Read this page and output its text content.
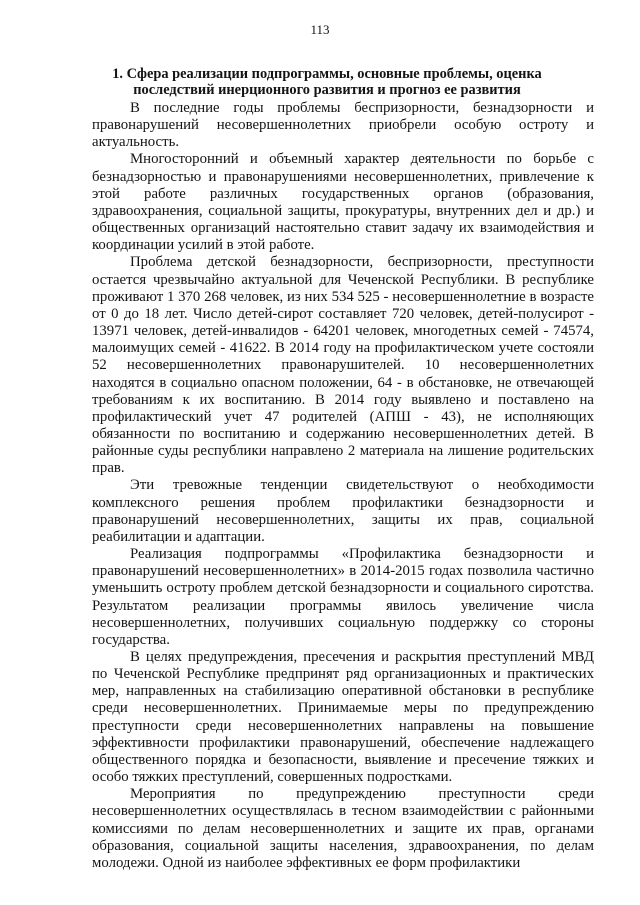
113
1. Сфера реализации подпрограммы, основные проблемы, оценка
последствий инерционного развития и прогноз ее развития

В последние годы проблемы беспризорности, безнадзорности и правонарушений несовершеннолетних приобрели особую остроту и актуальность.

Многосторонний и объемный характер деятельности по борьбе с безнадзорностью и правонарушениями несовершеннолетних, привлечение к этой работе различных государственных органов (образования, здравоохранения, социальной защиты, прокуратуры, внутренних дел и др.) и общественных организаций настоятельно ставит задачу их взаимодействия и координации усилий в этой работе.

Проблема детской безнадзорности, беспризорности, преступности остается чрезвычайно актуальной для Чеченской Республики. В республике проживают 1 370 268 человек, из них 534 525 - несовершеннолетние в возрасте от 0 до 18 лет. Число детей-сирот составляет 720 человек, детей-полусирот - 13971 человек, детей-инвалидов - 64201 человек, многодетных семей - 74574, малоимущих семей - 41622. В 2014 году на профилактическом учете состояли 52 несовершеннолетних правонарушителей. 10 несовершеннолетних находятся в социально опасном положении, 64 - в обстановке, не отвечающей требованиям к их воспитанию. В 2014 году выявлено и поставлено на профилактический учет 47 родителей (АПШ - 43), не исполняющих обязанности по воспитанию и содержанию несовершеннолетних детей. В районные суды республики направлено 2 материала на лишение родительских прав.

Эти тревожные тенденции свидетельствуют о необходимости комплексного решения проблем профилактики безнадзорности и правонарушений несовершеннолетних, защиты их прав, социальной реабилитации и адаптации.

Реализация подпрограммы «Профилактика безнадзорности и правонарушений несовершеннолетних» в 2014-2015 годах позволила частично уменьшить остроту проблем детской безнадзорности и социального сиротства. Результатом реализации программы явилось увеличение числа несовершеннолетних, получивших социальную поддержку со стороны государства.

В целях предупреждения, пресечения и раскрытия преступлений МВД по Чеченской Республике предпринят ряд организационных и практических мер, направленных на стабилизацию оперативной обстановки в республике среди несовершеннолетних. Принимаемые меры по предупреждению преступности среди несовершеннолетних направлены на повышение эффективности профилактики правонарушений, обеспечение надлежащего общественного порядка и безопасности, выявление и пресечение тяжких и особо тяжких преступлений, совершенных подростками.

Мероприятия по предупреждению преступности среди несовершеннолетних осуществлялась в тесном взаимодействии с районными комиссиями по делам несовершеннолетних и защите их прав, органами образования, социальной защиты населения, здравоохранения, по делам молодежи. Одной из наиболее эффективных ее форм профилактики
